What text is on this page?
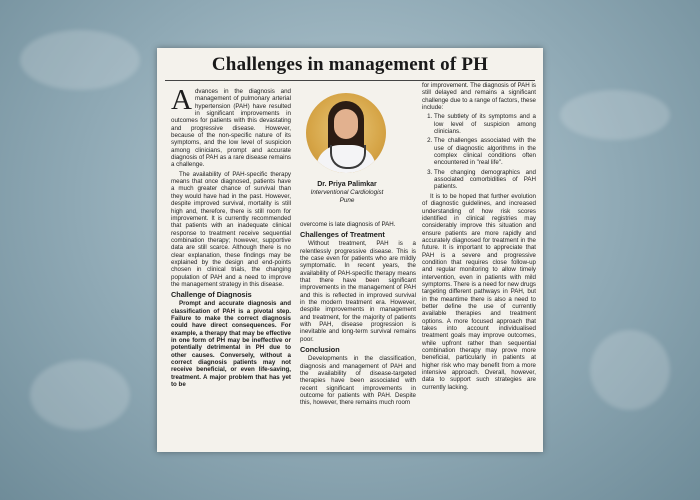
Challenges in management of PH

Advances in the diagnosis and management of pulmonary arterial hypertension (PAH) have resulted in significant improvements in outcomes for patients with this devastating and progressive disease. However, because of the non-specific nature of its symptoms, and the low level of suspicion among clinicians, prompt and accurate diagnosis of PAH as a rare disease remains a challenge.

The availability of PAH-specific therapy means that once diagnosed, patients have a much greater chance of survival than they would have had in the past. However, despite improved survival, mortality is still high and, therefore, there is still room for improvement. It is currently recommended that patients with an inadequate clinical response to treatment receive sequential combination therapy; however, supportive data are still scarce. Although there is no clear explanation, these findings may be explained by the design and end-points chosen in clinical trials, the changing population of PAH and a need to improve the management strategy in this disease.

Challenge of Diagnosis

Prompt and accurate diagnosis and classification of PAH is a pivotal step. Failure to make the correct diagnosis could have direct consequences. For example, a therapy that may be effective in one form of PH may be ineffective or potentially detrimental in PH due to other causes. Conversely, without a correct diagnosis patients may not receive beneficial, or even life-saving, treatment. A major problem that has yet to be

Dr. Priya Palimkar
Interventional Cardiologist
Pune

overcome is late diagnosis of PAH.

Challenges of Treatment

Without treatment, PAH is a relentlessly progressive disease. This is the case even for patients who are mildly symptomatic. In recent years, the availability of PAH-specific therapy means that there have been significant improvements in the management of PAH and this is reflected in improved survival in the modern treatment era. However, despite improvements in management and treatment, for the majority of patients with PAH, disease progression is inevitable and long-term survival remains poor.

Conclusion

Developments in the classification, diagnosis and management of PAH and the availability of disease-targeted therapies have been associated with recent significant improvements in outcome for patients with PAH. Despite this, however, there remains much room

for improvement. The diagnosis of PAH is still delayed and remains a significant challenge due to a range of factors, these include:

1. The subtlety of its symptoms and a low level of suspicion among clinicians.
2. The challenges associated with the use of diagnostic algorithms in the complex clinical conditions often encountered in "real life".
3. The changing demographics and associated comorbidities of PAH patients.

It is to be hoped that further evolution of diagnostic guidelines, and increased understanding of how risk scores identified in clinical registries may considerably improve this situation and ensure patients are more rapidly and accurately diagnosed for treatment in the future. It is important to appreciate that PAH is a severe and progressive condition that requires close follow-up and regular monitoring to allow timely intervention, even in patients with mild symptoms. There is a need for new drugs targeting different pathways in PAH, but in the meantime there is also a need to better define the use of currently available therapies and treatment options. A more focused approach that takes into account individualised treatment goals may improve outcomes, while upfront rather than sequential combination therapy may prove more beneficial, particularly in patients at higher risk who may benefit from a more intensive approach. Overall, however, data to support such strategies are currently lacking.
